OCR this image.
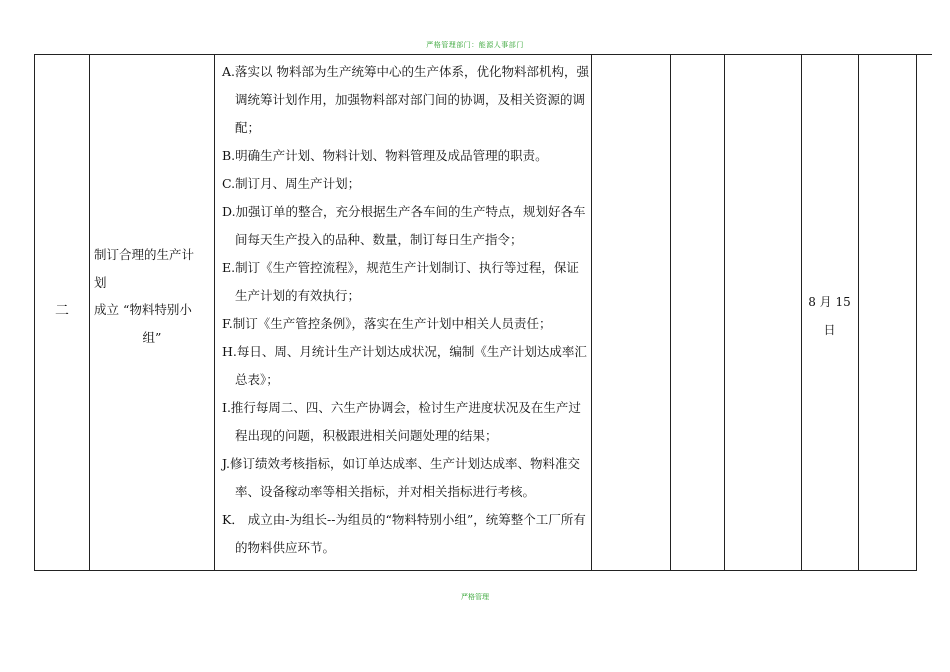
严格管理部门：能源人事部门
二
制订合理的生产计
划

成立 “物料特别小
组”

A.落实以 物料部为生产统筹中心的生产体系，优化物料部机构，强调统筹计划作用，加强物料部对部门间的协调，及相关资源的调配；

B.明确生产计划、物料计划、物料管理及成品管理的职责。

C.制订月、周生产计划；

D.加强订单的整合，充分根据生产各车间的生产特点，规划好各车间每天生产投入的品种、数量，制订每日生产指令；

E.制订《生产管控流程》，规范生产计划制订、执行等过程，保证生产计划的有效执行；

F.制订《生产管控条例》，落实在生产计划中相关人员责任；

H.每日、周、月统计生产计划达成状况，编制《生产计划达成率汇总表》；

I.推行每周二、四、六生产协调会，检讨生产进度状况及在生产过程出现的问题，积极跟进相关问题处理的结果；

J.修订绩效考核指标，如订单达成率、生产计划达成率、物料准交率、设备稼动率等相关指标，并对相关指标进行考核。

K． 成立由-为组长--为组员的“物料特别小组”，统筹整个工厂所有的物料供应环节。

8 月 15
日
严格管理
